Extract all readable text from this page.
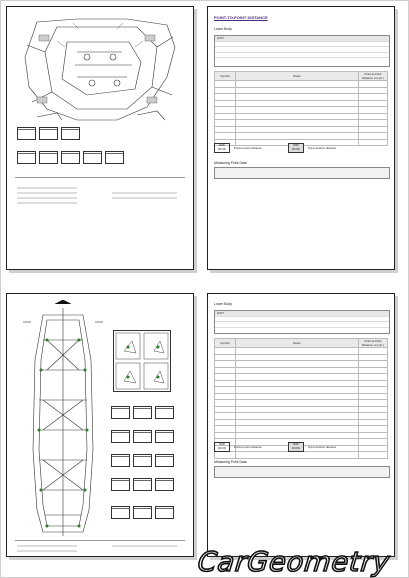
POINT-TO-POINT DISTANCE
Lower Body
HINT:

Symbol	Name	Point-to-Point Distance mm (in.)

0000
(00.00)	Point-to-point distance
0000
(00.00)	Top-to-bottom distance
Measuring Point Data
Lower Body
HINT:

Symbol	Name	Point-to-Point Distance mm (in.)

0000
(00.00)	Point-to-point distance
0000
(00.00)	Top-to-bottom distance
Measuring Point Data
CarGeometry
